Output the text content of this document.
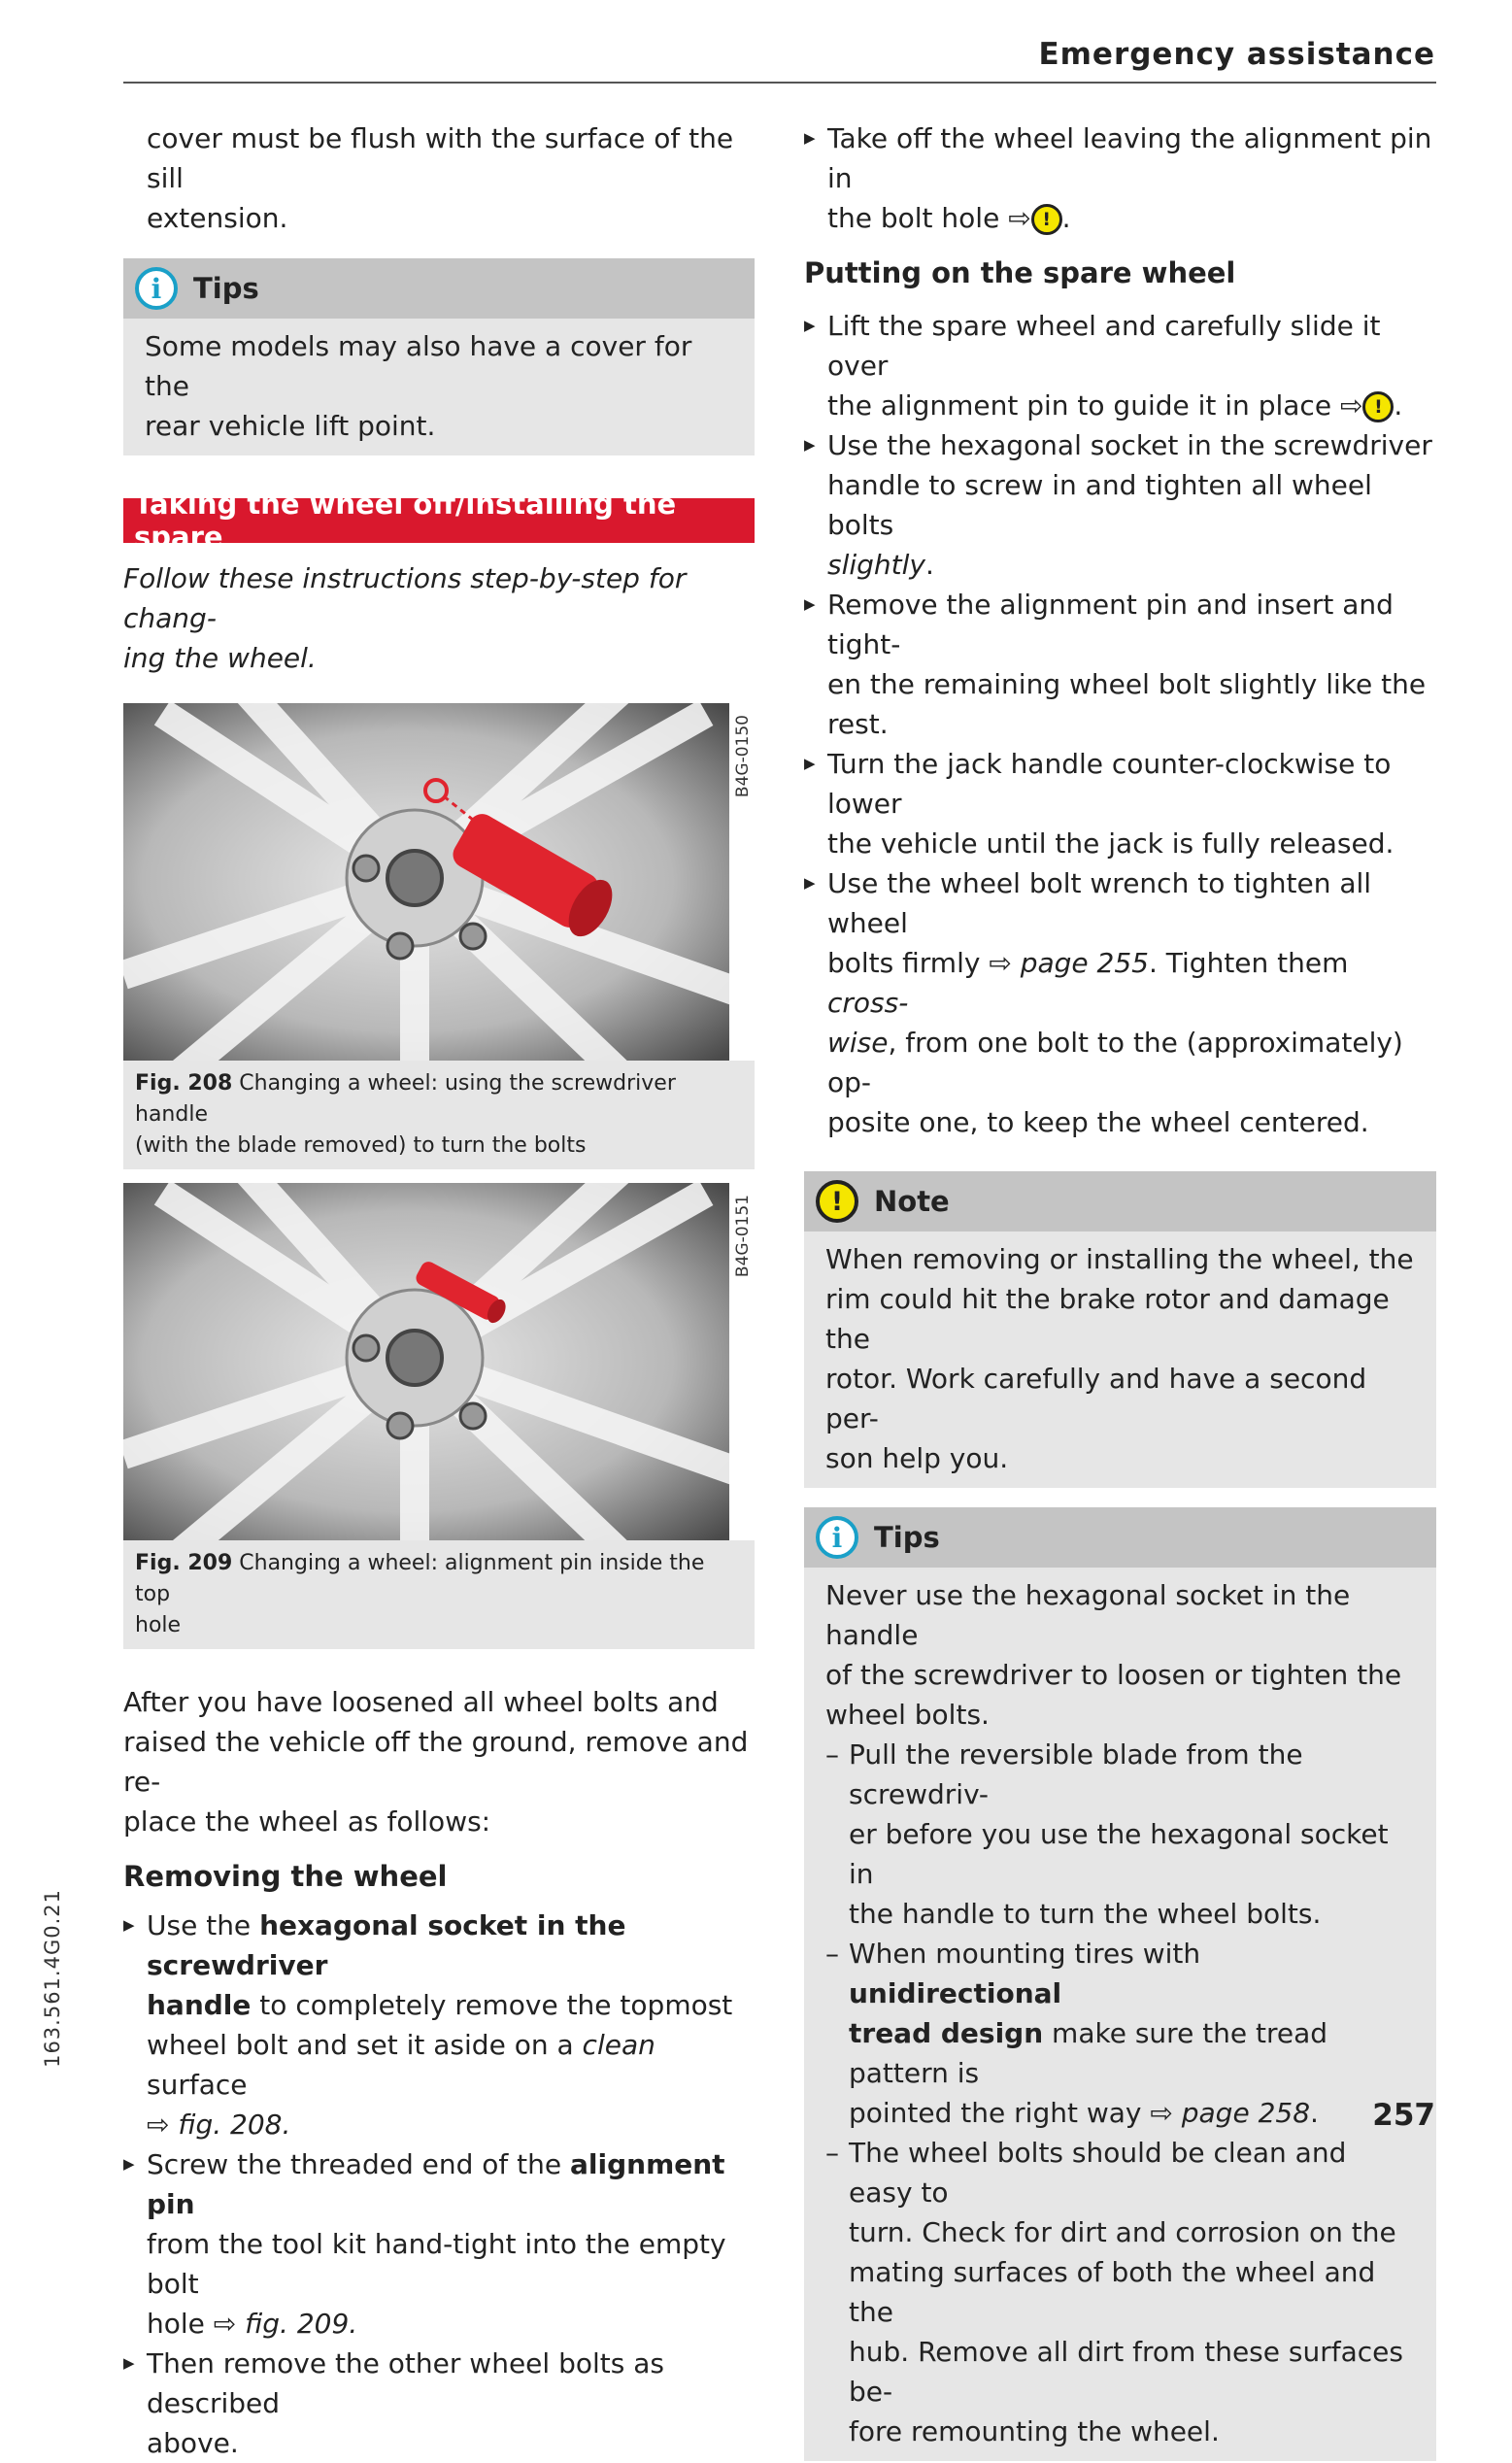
Emergency assistance

cover must be flush with the surface of the sill

extension.

i	Tips

Some models may also have a cover for the

rear vehicle lift point.

Taking the wheel off/installing the spare

Follow these instructions step-by-step for chang-

ing the wheel.

B4G-0150
Fig. 208 Changing a wheel: using the screwdriver handle
(with the blade removed) to turn the bolts
B4G-0151
Fig. 209 Changing a wheel: alignment pin inside the top
hole

After you have loosened all wheel bolts and

raised the vehicle off the ground, remove and re-

place the wheel as follows:

Removing the wheel

▶ Use the hexagonal socket in the screwdriver
handle to completely remove the topmost
wheel bolt and set it aside on a clean surface
⇨ fig. 208.
▶ Screw the threaded end of the alignment pin
from the tool kit hand-tight into the empty bolt
hole ⇨ fig. 209.
▶ Then remove the other wheel bolts as described
above.
▶ Take off the wheel leaving the alignment pin in
the bolt hole ⇨ ! .

Putting on the spare wheel

▶ Lift the spare wheel and carefully slide it over
the alignment pin to guide it in place ⇨ ! .
▶ Use the hexagonal socket in the screwdriver
handle to screw in and tighten all wheel bolts
slightly.
▶ Remove the alignment pin and insert and tight-
en the remaining wheel bolt slightly like the
rest.
▶ Turn the jack handle counter-clockwise to lower
the vehicle until the jack is fully released.
▶ Use the wheel bolt wrench to tighten all wheel
bolts firmly ⇨ page 255. Tighten them cross-
wise, from one bolt to the (approximately) op-
posite one, to keep the wheel centered.
!	Note

When removing or installing the wheel, the

rim could hit the brake rotor and damage the

rotor. Work carefully and have a second per-

son help you.

i	Tips

Never use the hexagonal socket in the handle

of the screwdriver to loosen or tighten the

wheel bolts.

– Pull the reversible blade from the screwdriv-
er before you use the hexagonal socket in
the handle to turn the wheel bolts.
– When mounting tires with unidirectional
tread design make sure the tread pattern is
pointed the right way ⇨ page 258.
– The wheel bolts should be clean and easy to
turn. Check for dirt and corrosion on the
mating surfaces of both the wheel and the
hub. Remove all dirt from these surfaces be-
fore remounting the wheel.
163.561.4G0.21
257
